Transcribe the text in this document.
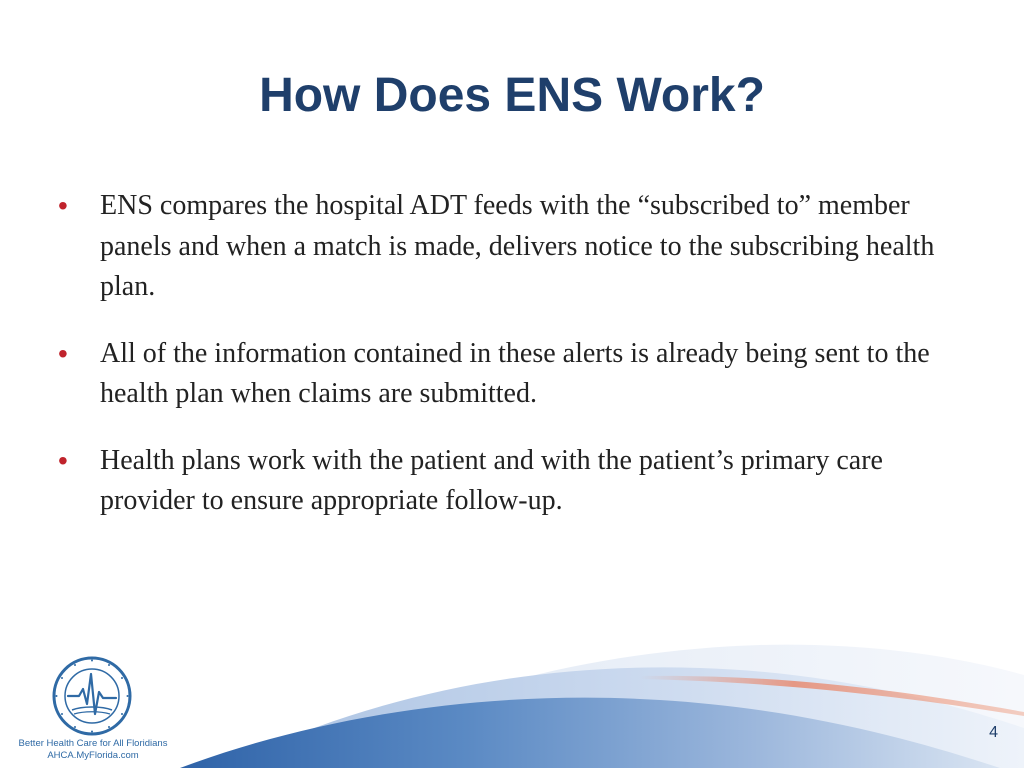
How Does ENS Work?
• ENS compares the hospital ADT feeds with the “subscribed to” member panels and when a match is made, delivers notice to the subscribing health plan.
• All of the information contained in these alerts is already being sent to the health plan when claims are submitted.
• Health plans work with the patient and with the patient’s primary care provider to ensure appropriate follow-up.
Better Health Care for All Floridians
AHCA.MyFlorida.com
4
